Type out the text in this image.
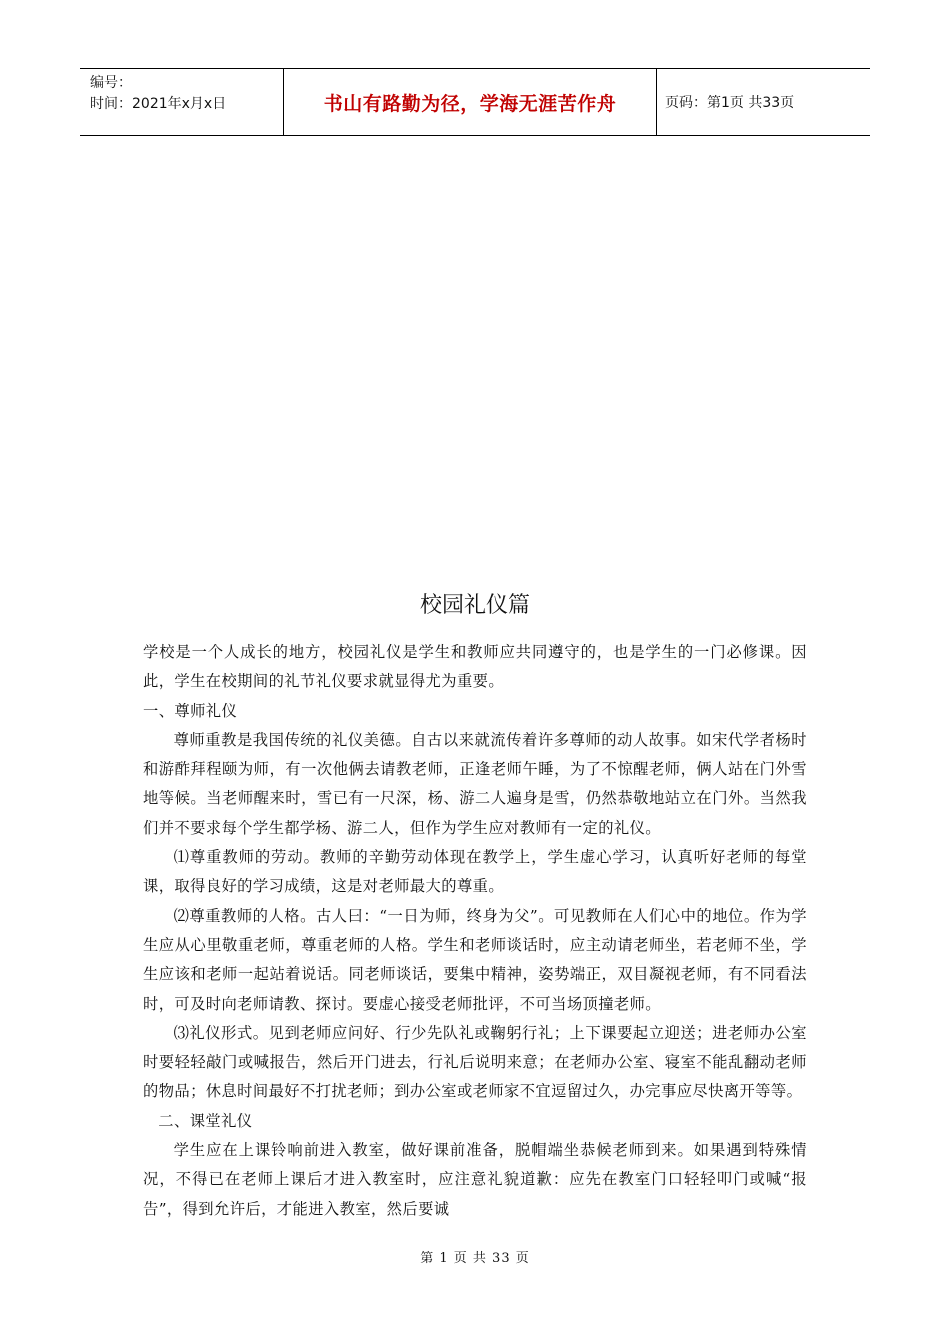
编号：
时间：2021年x月x日	书山有路勤为径，学海无涯苦作舟	页码：第1页 共33页
校园礼仪篇

学校是一个人成长的地方，校园礼仪是学生和教师应共同遵守的，也是学生的一门必修课。因此，学生在校期间的礼节礼仪要求就显得尤为重要。

一、尊师礼仪

尊师重教是我国传统的礼仪美德。自古以来就流传着许多尊师的动人故事。如宋代学者杨时和游酢拜程颐为师，有一次他俩去请教老师，正逢老师午睡，为了不惊醒老师，俩人站在门外雪地等候。当老师醒来时，雪已有一尺深，杨、游二人遍身是雪，仍然恭敬地站立在门外。当然我们并不要求每个学生都学杨、游二人，但作为学生应对教师有一定的礼仪。

⑴尊重教师的劳动。教师的辛勤劳动体现在教学上，学生虚心学习，认真听好老师的每堂课，取得良好的学习成绩，这是对老师最大的尊重。

⑵尊重教师的人格。古人曰：“一日为师，终身为父”。可见教师在人们心中的地位。作为学生应从心里敬重老师，尊重老师的人格。学生和老师谈话时，应主动请老师坐，若老师不坐，学生应该和老师一起站着说话。同老师谈话，要集中精神，姿势端正，双目凝视老师，有不同看法时，可及时向老师请教、探讨。要虚心接受老师批评，不可当场顶撞老师。

⑶礼仪形式。见到老师应问好、行少先队礼或鞠躬行礼；上下课要起立迎送；进老师办公室时要轻轻敲门或喊报告，然后开门进去，行礼后说明来意；在老师办公室、寝室不能乱翻动老师的物品；休息时间最好不打扰老师；到办公室或老师家不宜逗留过久，办完事应尽快离开等等。

二、课堂礼仪

学生应在上课铃响前进入教室，做好课前准备，脱帽端坐恭候老师到来。如果遇到特殊情况，不得已在老师上课后才进入教室时，应注意礼貌道歉：应先在教室门口轻轻叩门或喊“报告”，得到允许后，才能进入教室，然后要诚

第 1 页 共 33 页
